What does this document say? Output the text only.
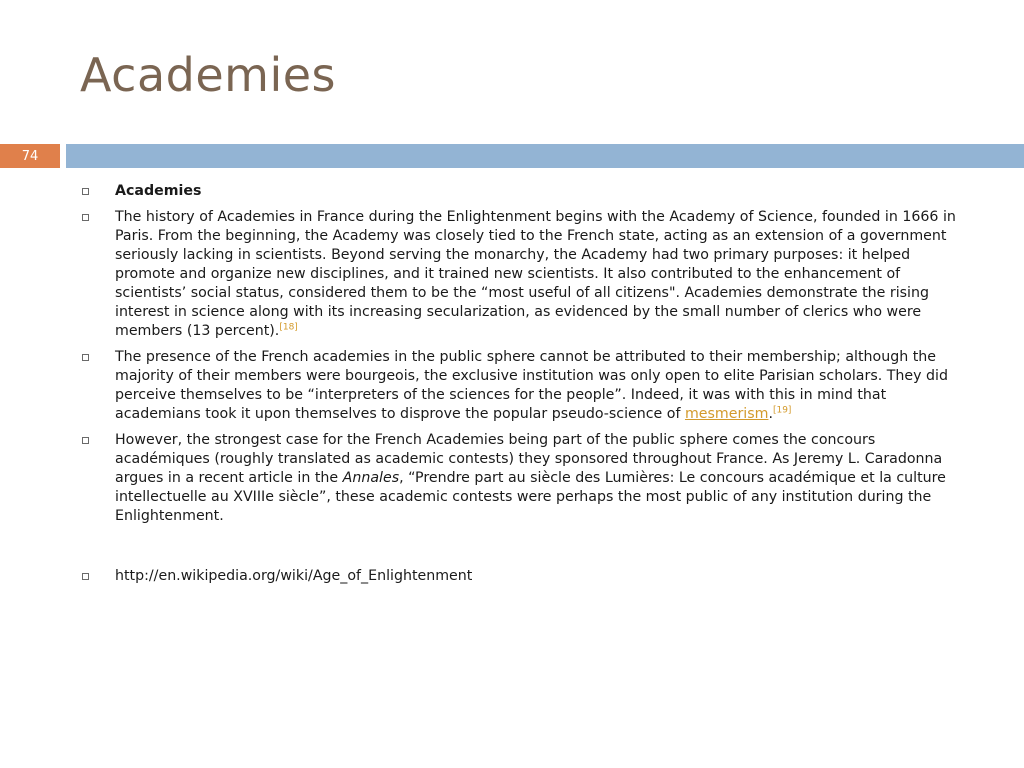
Academies
74
Academies
The history of Academies in France during the Enlightenment begins with the Academy of Science, founded in 1666 in Paris. From the beginning, the Academy was closely tied to the French state, acting as an extension of a government seriously lacking in scientists. Beyond serving the monarchy, the Academy had two primary purposes: it helped promote and organize new disciplines, and it trained new scientists. It also contributed to the enhancement of scientists’ social status, considered them to be the “most useful of all citizens". Academies demonstrate the rising interest in science along with its increasing secularization, as evidenced by the small number of clerics who were members (13 percent).[18]
The presence of the French academies in the public sphere cannot be attributed to their membership; although the majority of their members were bourgeois, the exclusive institution was only open to elite Parisian scholars. They did perceive themselves to be “interpreters of the sciences for the people”. Indeed, it was with this in mind that academians took it upon themselves to disprove the popular pseudo-science of mesmerism.[19]
However, the strongest case for the French Academies being part of the public sphere comes the concours académiques (roughly translated as academic contests) they sponsored throughout France. As Jeremy L. Caradonna argues in a recent article in the Annales, “Prendre part au siècle des Lumières: Le concours académique et la culture intellectuelle au XVIIIe siècle”, these academic contests were perhaps the most public of any institution during the Enlightenment.
http://en.wikipedia.org/wiki/Age_of_Enlightenment
